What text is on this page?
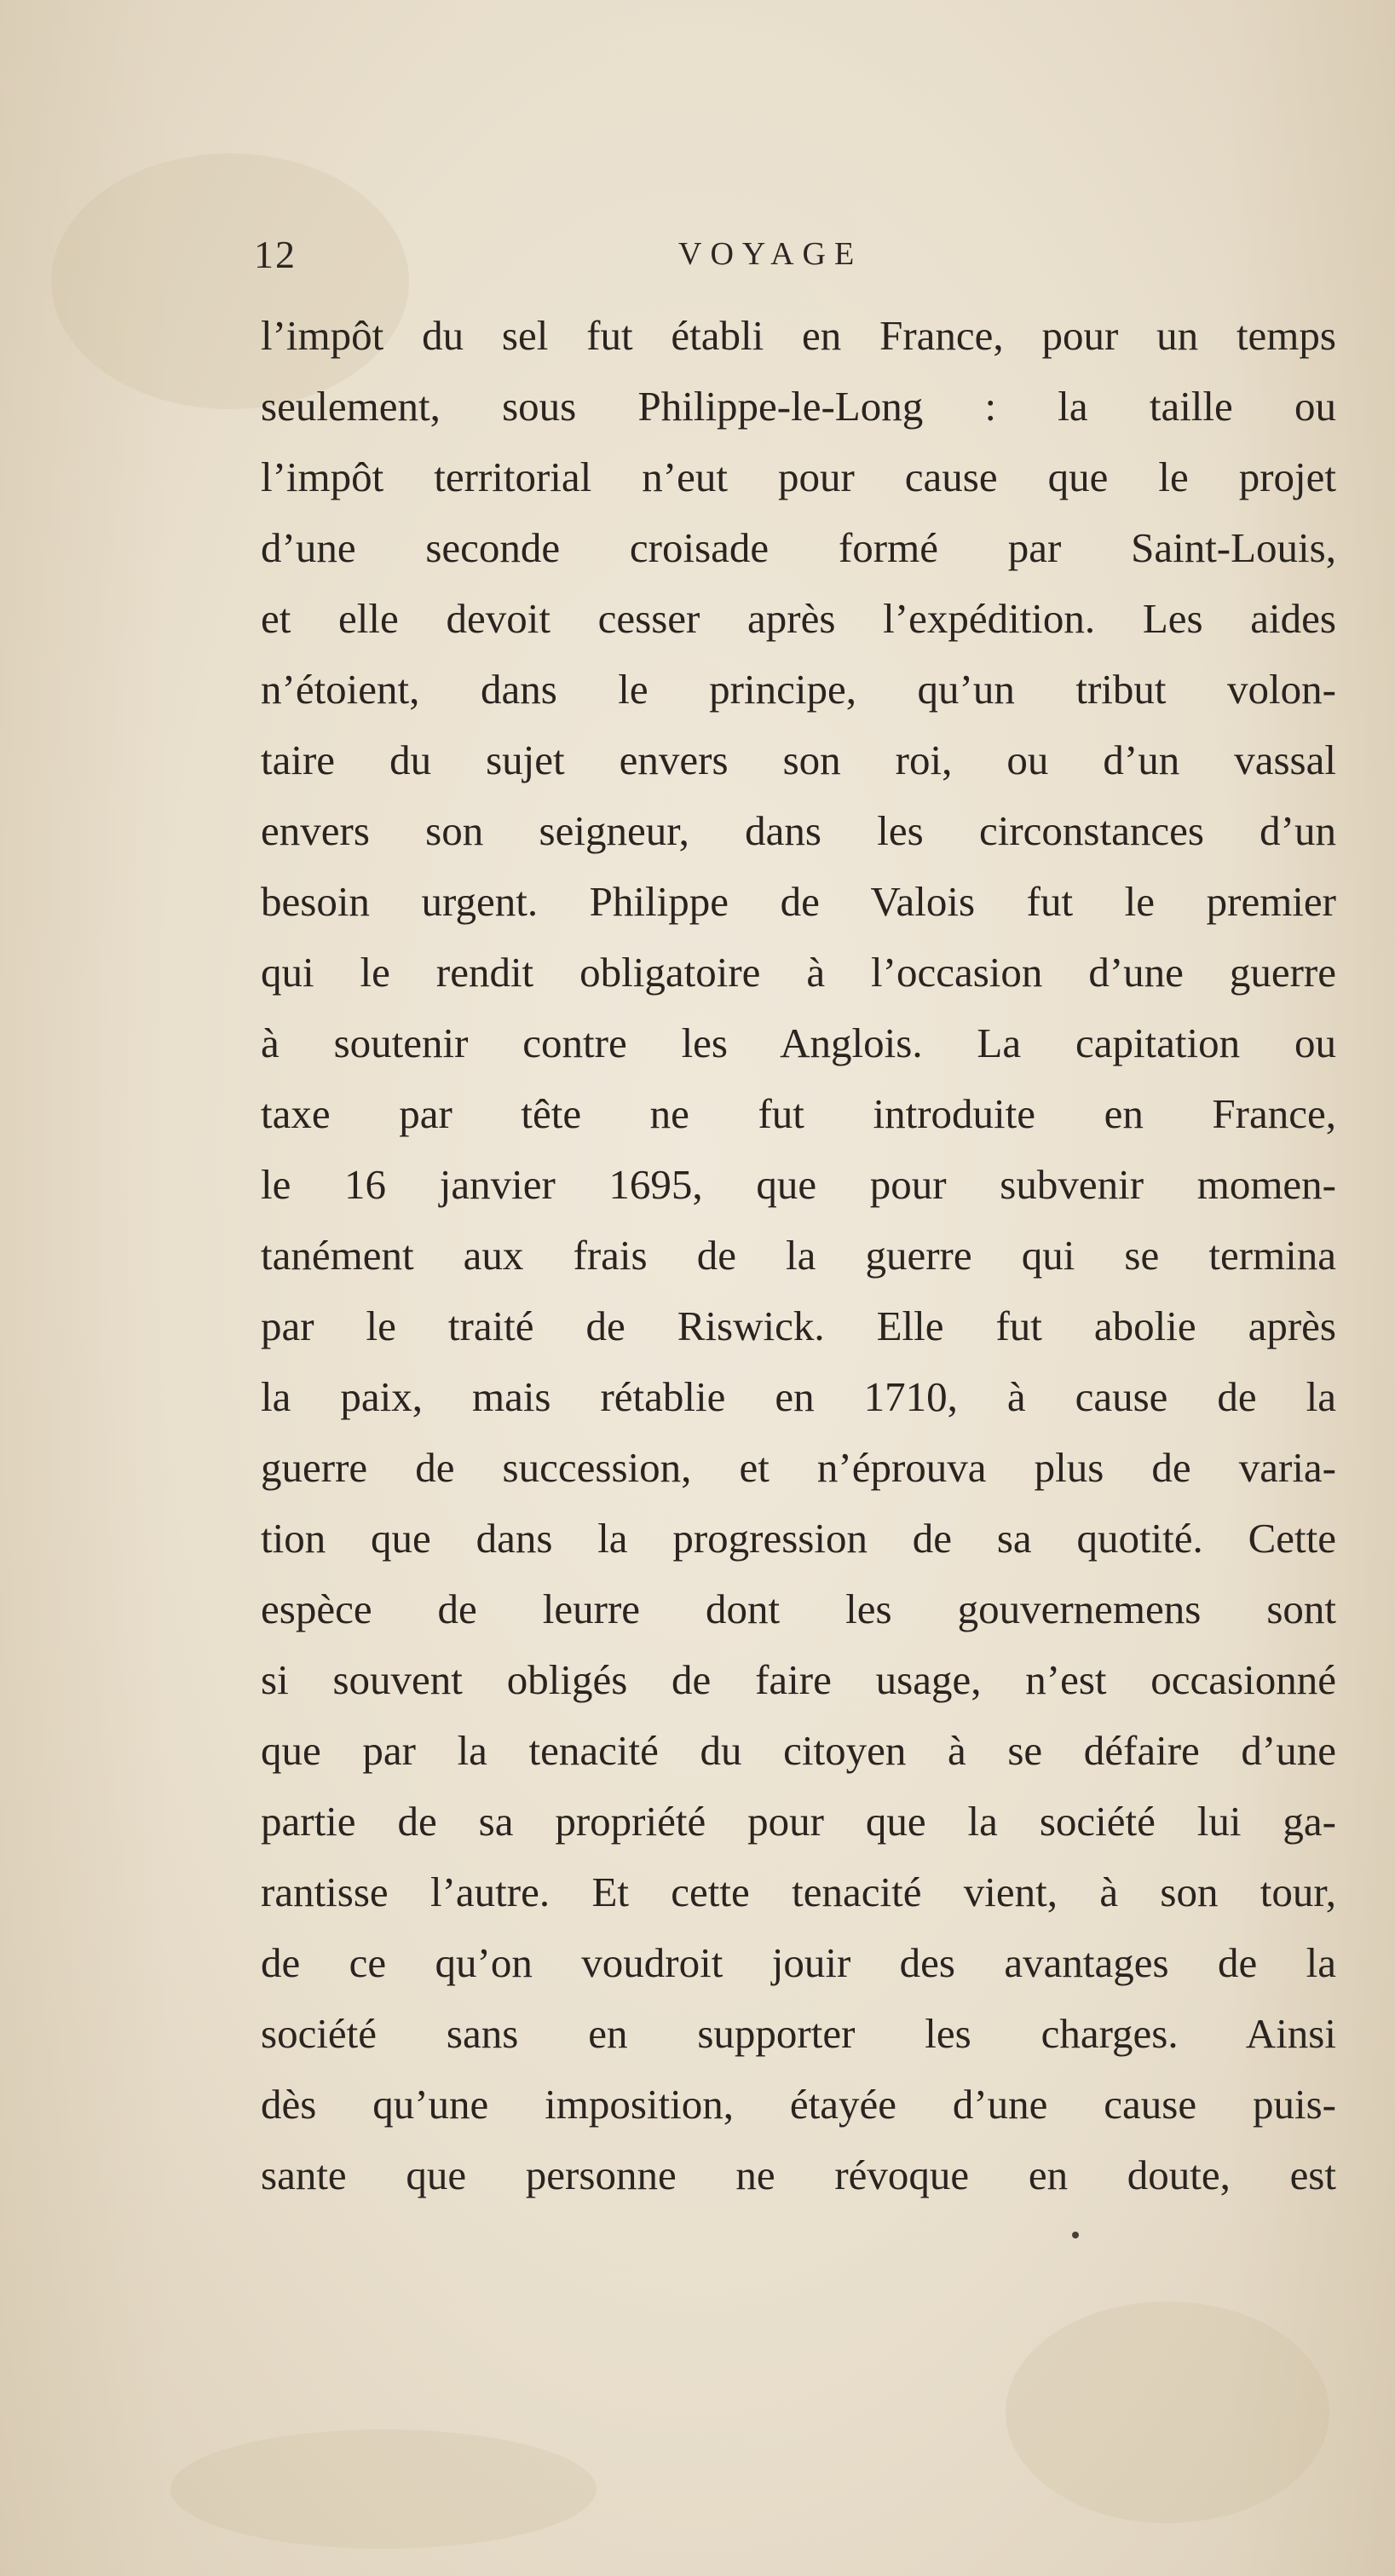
12	VOYAGE
l’impôt du sel fut établi en France, pour un temps
seulement, sous Philippe-le-Long : la taille ou
l’impôt territorial n’eut pour cause que le projet
d’une seconde croisade formé par Saint-Louis,
et elle devoit cesser après l’expédition. Les aides
n’étoient, dans le principe, qu’un tribut volon-
taire du sujet envers son roi, ou d’un vassal
envers son seigneur, dans les circonstances d’un
besoin urgent. Philippe de Valois fut le premier
qui le rendit obligatoire à l’occasion d’une guerre
à soutenir contre les Anglois. La capitation ou
taxe par tête ne fut introduite en France,
le 16 janvier 1695, que pour subvenir momen-
tanément aux frais de la guerre qui se termina
par le traité de Riswick. Elle fut abolie après
la paix, mais rétablie en 1710, à cause de la
guerre de succession, et n’éprouva plus de varia-
tion que dans la progression de sa quotité. Cette
espèce de leurre dont les gouvernemens sont
si souvent obligés de faire usage, n’est occasionné
que par la tenacité du citoyen à se défaire d’une
partie de sa propriété pour que la société lui ga-
rantisse l’autre. Et cette tenacité vient, à son tour,
de ce qu’on voudroit jouir des avantages de la
société sans en supporter les charges. Ainsi
dès qu’une imposition, étayée d’une cause puis-
sante que personne ne révoque en doute, est
